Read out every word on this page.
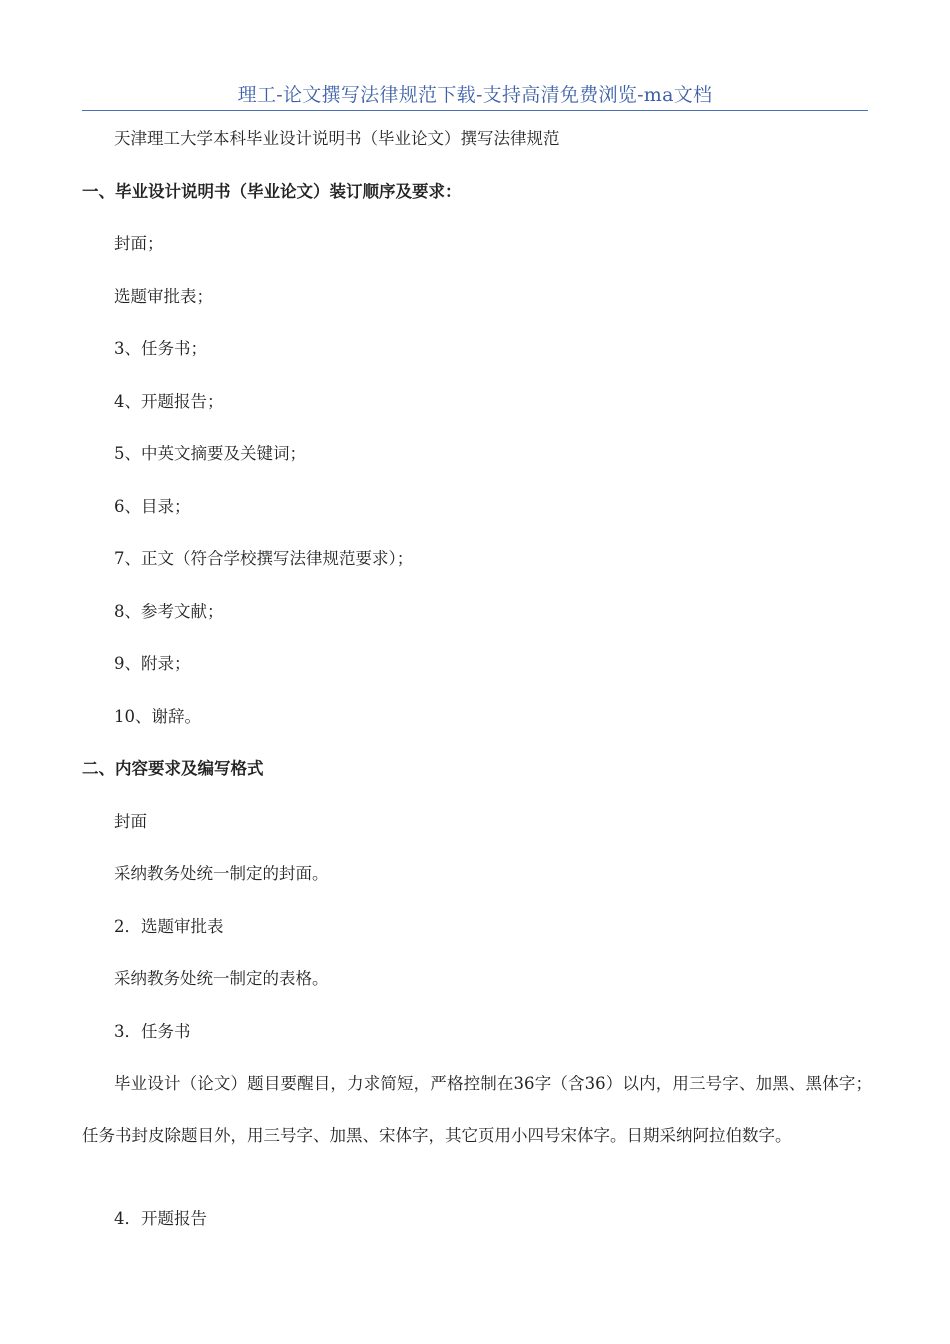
理工-论文撰写法律规范下载-支持高清免费浏览-ma文档
天津理工大学本科毕业设计说明书（毕业论文）撰写法律规范
一、毕业设计说明书（毕业论文）装订顺序及要求：
封面；
选题审批表；
3、任务书；
4、开题报告；
5、中英文摘要及关键词；
6、目录；
7、正文（符合学校撰写法律规范要求）；
8、参考文献；
9、附录；
10、谢辞。
二、内容要求及编写格式
封面
采纳教务处统一制定的封面。
2．选题审批表
采纳教务处统一制定的表格。
3．任务书
毕业设计（论文）题目要醒目，力求简短，严格控制在36字（含36）以内，用三号字、加黑、黑体字；任务书封皮除题目外，用三号字、加黑、宋体字，其它页用小四号宋体字。日期采纳阿拉伯数字。
4．开题报告
